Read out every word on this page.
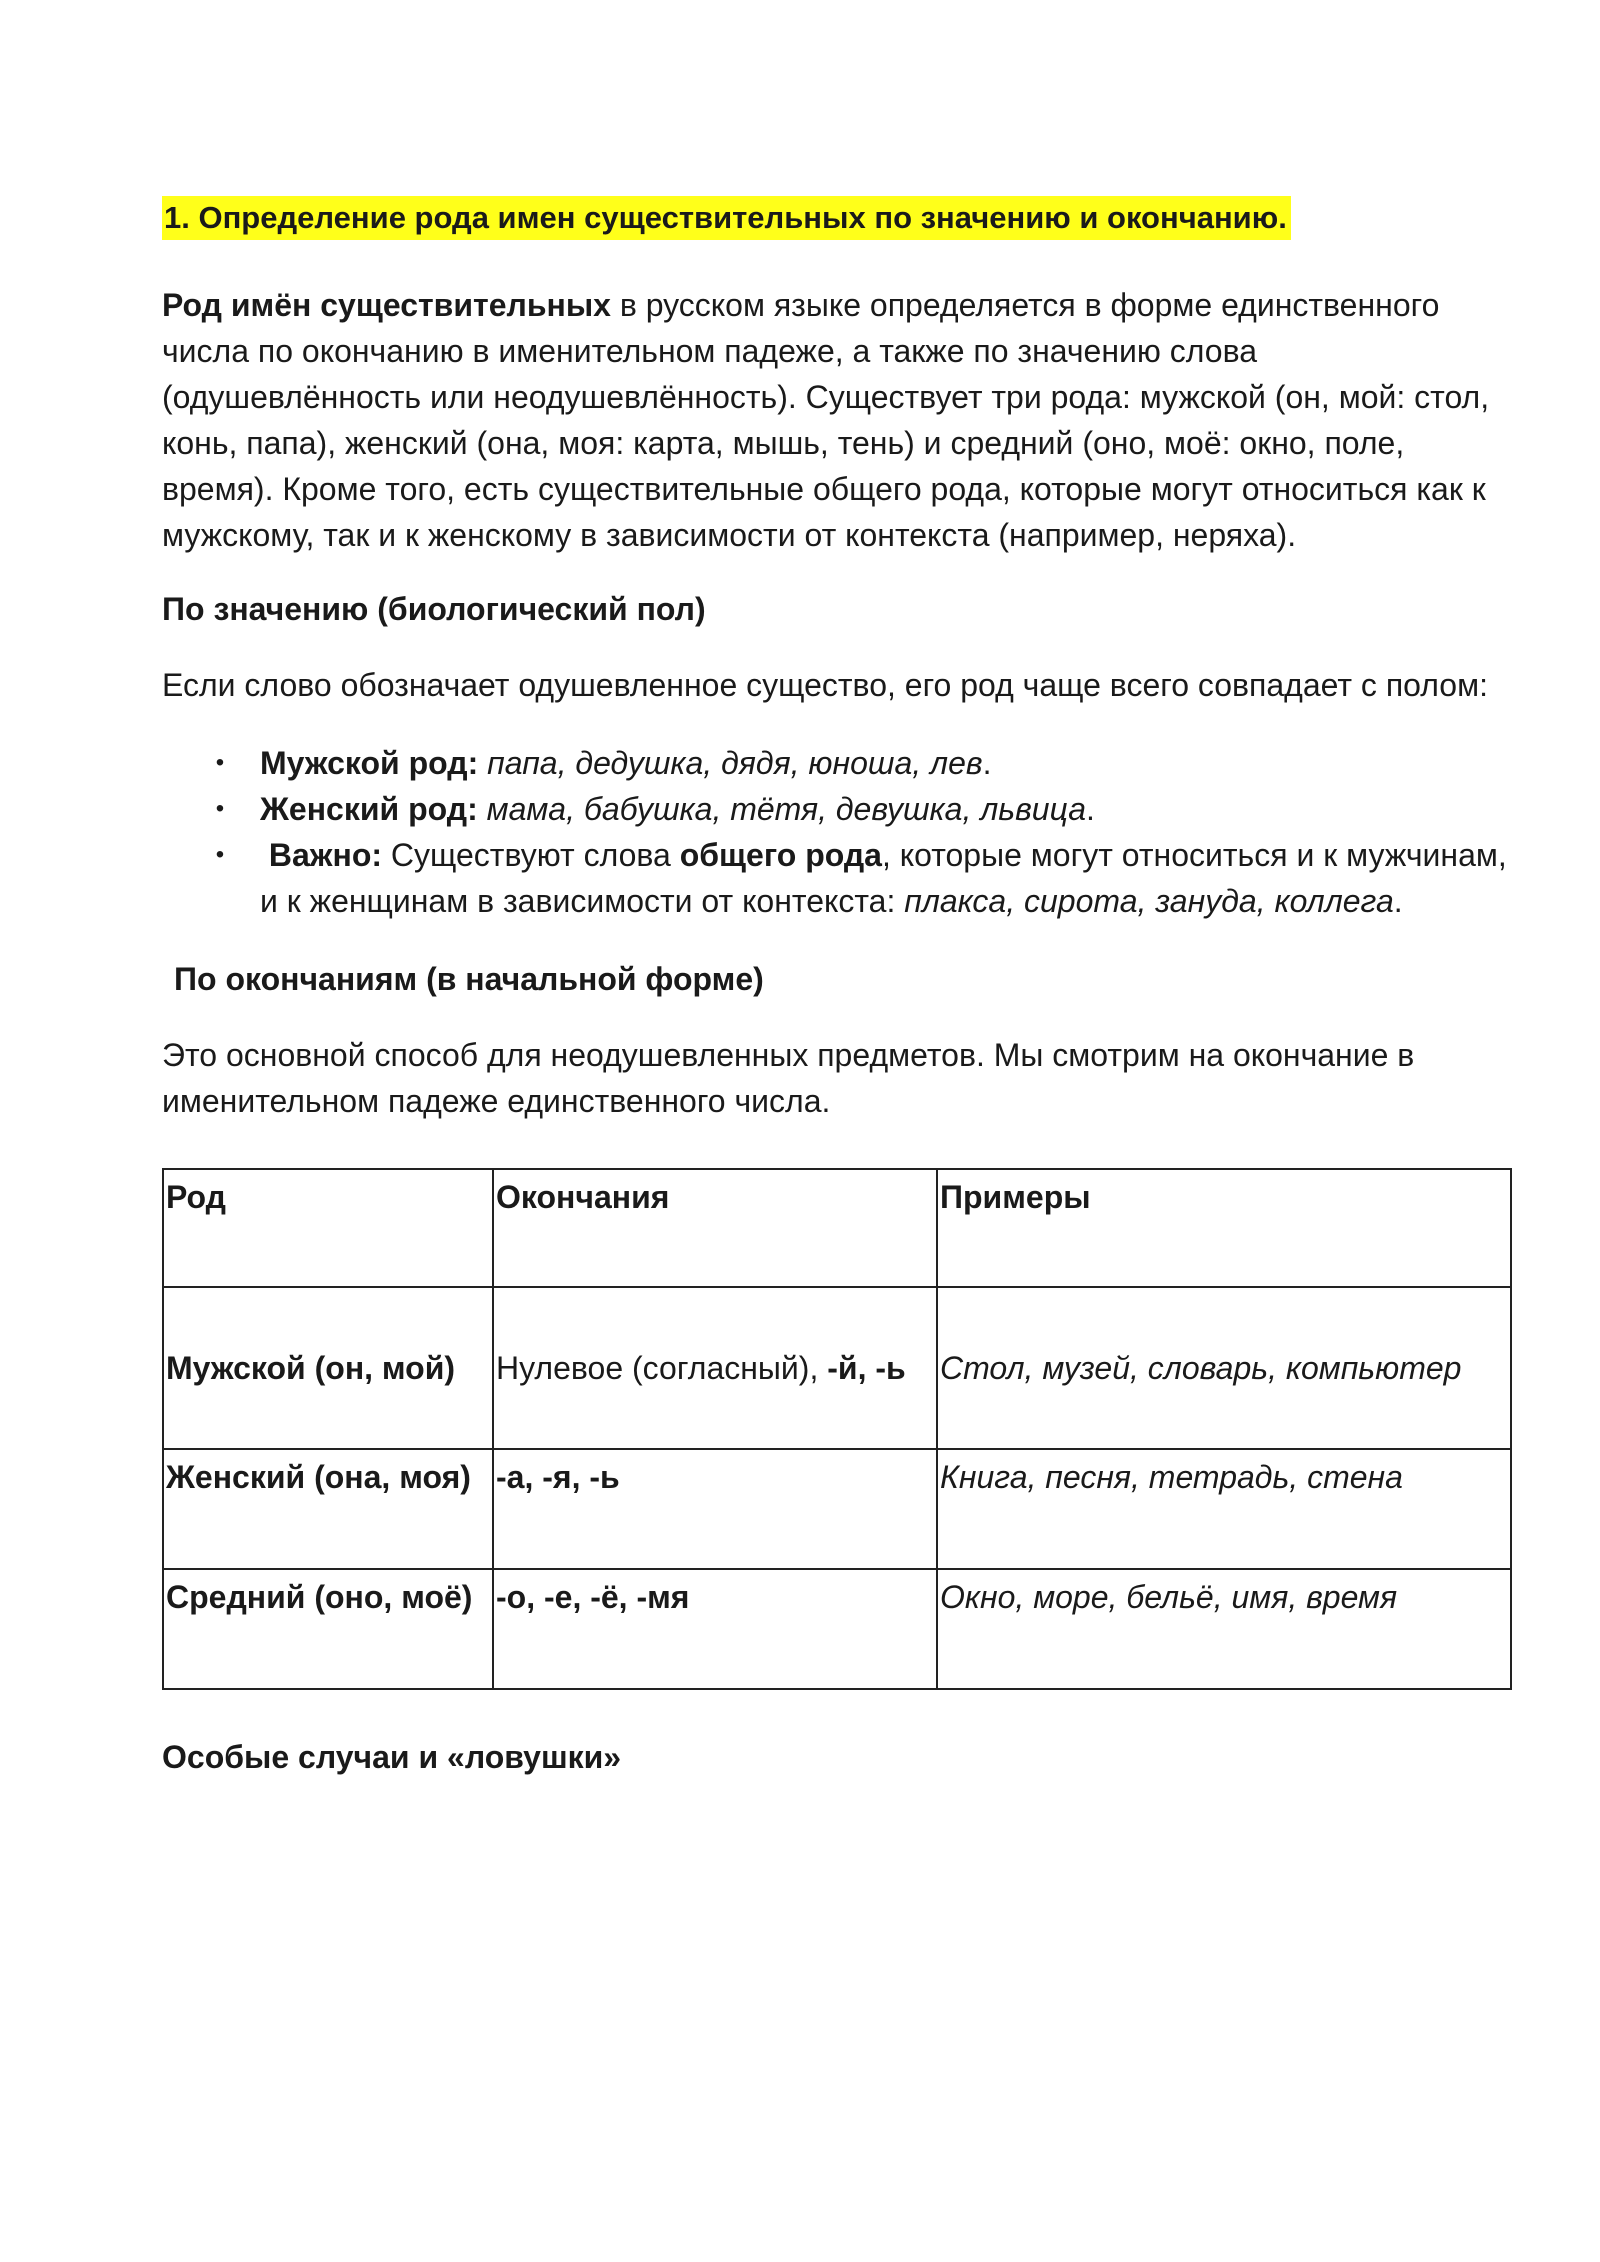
1. Определение рода имен существительных по значению и окончанию.

Род имён существительных в русском языке определяется в форме единственного числа по окончанию в именительном падеже, а также по значению слова (одушевлённость или неодушевлённость). Существует три рода: мужской (он, мой: стол, конь, папа), женский (она, моя: карта, мышь, тень) и средний (оно, моё: окно, поле, время). Кроме того, есть существительные общего рода, которые могут относиться как к мужскому, так и к женскому в зависимости от контекста (например, неряха).

По значению (биологический пол)

Если слово обозначает одушевленное существо, его род чаще всего совпадает с полом:

• Мужской род: папа, дедушка, дядя, юноша, лев.
• Женский род: мама, бабушка, тётя, девушка, львица.
• Важно: Существуют слова общего рода, которые могут относиться и к мужчинам, и к женщинам в зависимости от контекста: плакса, сирота, зануда, коллега.
По окончаниям (в начальной форме)

Это основной способ для неодушевленных предметов. Мы смотрим на окончание в именительном падеже единственного числа.

Род	Окончания	Примеры
Мужской (он, мой)	Нулевое (согласный), -й, -ь	Стол, музей, словарь, компьютер
Женский (она, моя)	-а, -я, -ь	Книга, песня, тетрадь, стена
Средний (оно, моё)	-о, -е, -ё, -мя	Окно, море, бельё, имя, время
Особые случаи и «ловушки»
